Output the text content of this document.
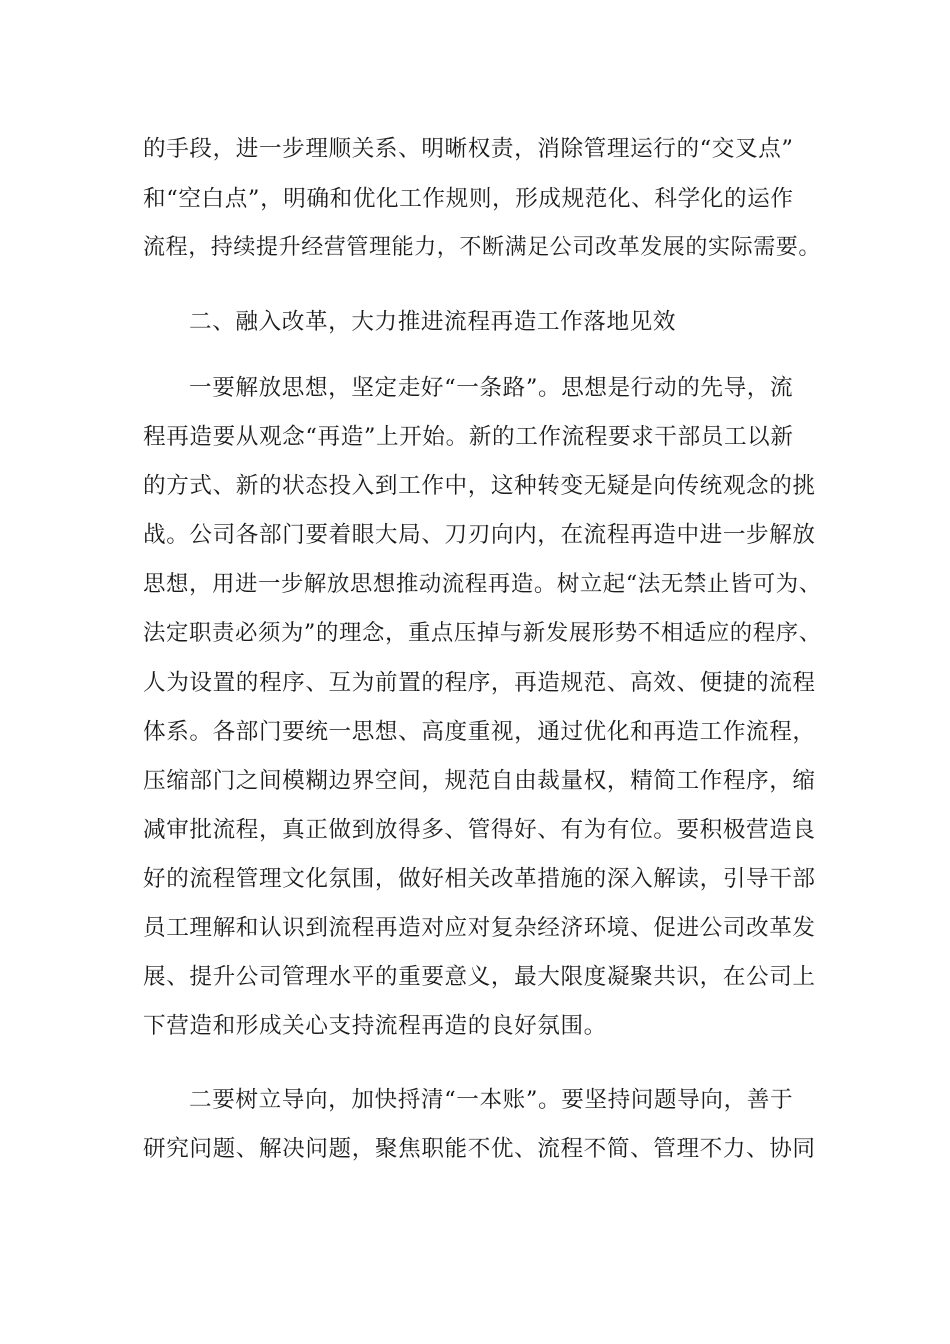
的手段，进一步理顺关系、明晰权责，消除管理运行的“交叉点”
和“空白点”，明确和优化工作规则，形成规范化、科学化的运作
流程，持续提升经营管理能力，不断满足公司改革发展的实际需要。
二、融入改革，大力推进流程再造工作落地见效
一要解放思想，坚定走好“一条路”。思想是行动的先导，流
程再造要从观念“再造”上开始。新的工作流程要求干部员工以新
的方式、新的状态投入到工作中，这种转变无疑是向传统观念的挑
战。公司各部门要着眼大局、刀刃向内，在流程再造中进一步解放
思想，用进一步解放思想推动流程再造。树立起“法无禁止皆可为、
法定职责必须为”的理念，重点压掉与新发展形势不相适应的程序、
人为设置的程序、互为前置的程序，再造规范、高效、便捷的流程
体系。各部门要统一思想、高度重视，通过优化和再造工作流程，
压缩部门之间模糊边界空间，规范自由裁量权，精简工作程序，缩
减审批流程，真正做到放得多、管得好、有为有位。要积极营造良
好的流程管理文化氛围，做好相关改革措施的深入解读，引导干部
员工理解和认识到流程再造对应对复杂经济环境、促进公司改革发
展、提升公司管理水平的重要意义，最大限度凝聚共识，在公司上
下营造和形成关心支持流程再造的良好氛围。
二要树立导向，加快捋清“一本账”。要坚持问题导向，善于
研究问题、解决问题，聚焦职能不优、流程不简、管理不力、协同
